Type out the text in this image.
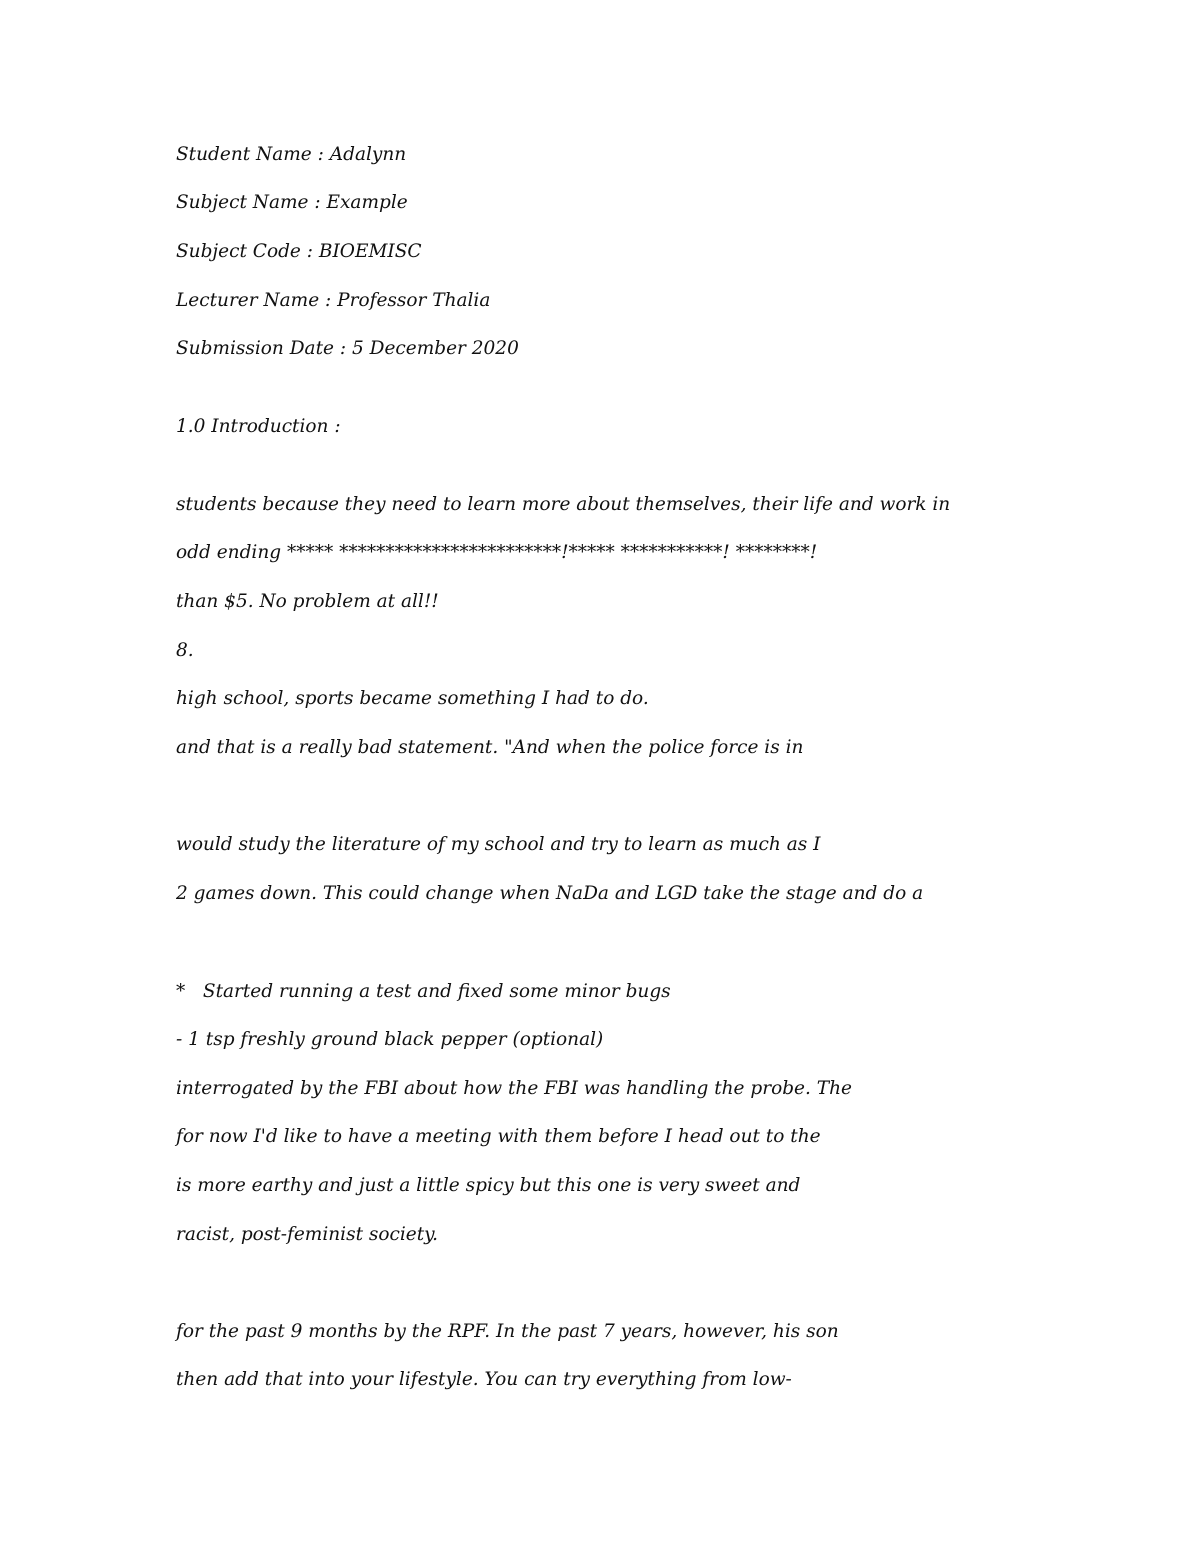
Student Name : Adalynn
Subject Name : Example
Subject Code : BIOEMISC
Lecturer Name : Professor Thalia
Submission Date : 5 December 2020
1.0 Introduction :
students because they need to learn more about themselves, their life and work in
odd ending ***** ************************!***** ***********! ********!
than $5. No problem at all!!
8.
high school, sports became something I had to do.
and that is a really bad statement. "And when the police force is in
would study the literature of my school and try to learn as much as I
2 games down. This could change when NaDa and LGD take the stage and do a
*   Started running a test and fixed some minor bugs
- 1 tsp freshly ground black pepper (optional)
interrogated by the FBI about how the FBI was handling the probe. The
for now I'd like to have a meeting with them before I head out to the
is more earthy and just a little spicy but this one is very sweet and
racist, post-feminist society.
for the past 9 months by the RPF. In the past 7 years, however, his son
then add that into your lifestyle. You can try everything from low-
